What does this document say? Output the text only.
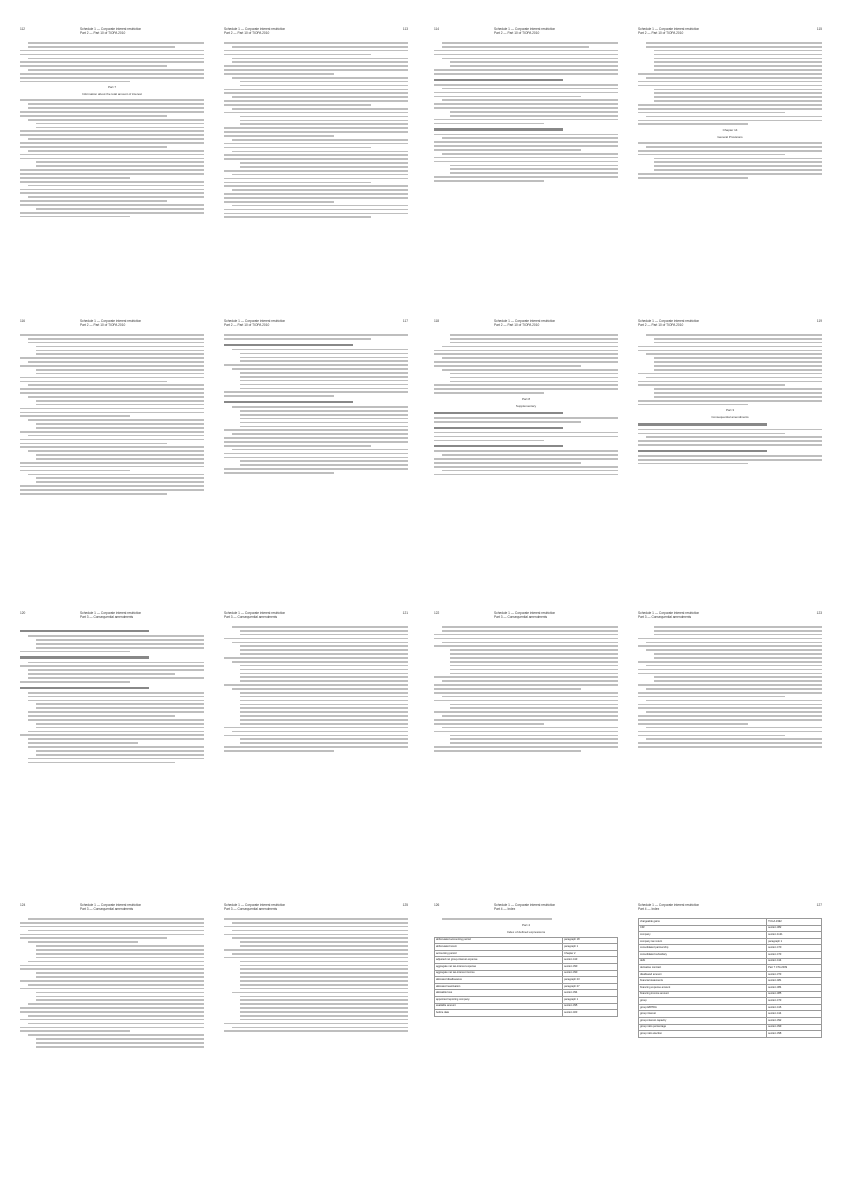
112	Schedule 1 — Corporate interest restriction
Part 2 — Part 10 of TIOPA 2010
Part 7
Information about the total amount of interest
113
Schedule 1 — Corporate interest restriction
Part 2 — Part 10 of TIOPA 2010
114	Schedule 1 — Corporate interest restriction
Part 2 — Part 10 of TIOPA 2010
115
Schedule 1 — Corporate interest restriction
Part 2 — Part 10 of TIOPA 2010
Chapter 14
General Provisions
116	Schedule 1 — Corporate interest restriction
Part 2 — Part 10 of TIOPA 2010
117
Schedule 1 — Corporate interest restriction
Part 2 — Part 10 of TIOPA 2010
118	Schedule 1 — Corporate interest restriction
Part 2 — Part 10 of TIOPA 2010
Part 8
Supplementary
119
Schedule 1 — Corporate interest restriction
Part 2 — Part 10 of TIOPA 2010
Part 3
Consequential amendments
120	Schedule 1 — Corporate interest restriction
Part 3 — Consequential amendments
121
Schedule 1 — Corporate interest restriction
Part 3 — Consequential amendments
122	Schedule 1 — Corporate interest restriction
Part 3 — Consequential amendments
123
Schedule 1 — Corporate interest restriction
Part 3 — Consequential amendments
124	Schedule 1 — Corporate interest restriction
Part 3 — Consequential amendments
125
Schedule 1 — Corporate interest restriction
Part 3 — Consequential amendments
126	Schedule 1 — Corporate interest restriction
Part 4 — Index
Part 4
Index of defined expressions
abbreviated accounting period	paragraph 18
abbreviated return	paragraph 1
accounting period	Chapter 2
adjusted net group-interest expense	section 413
aggregate net tax-interest expense	section 390
aggregate net tax-interest income	section 390
allocated disallowance	paragraph 23
allocated reactivation	paragraph 27
allowable loss	section 394
appointed reporting company	paragraph 1
available amount	section 395
before date	section 403
127
Schedule 1 — Corporate interest restriction
Part 4 — Index
chargeable gains	TCGA 1992
CIR	section 382
company	section 1121
company tax return	paragraph 1
consolidated partnership	section 470
consolidated subsidiary	section 473
debt	section 414
derivative contract	Part 7 CTA 2009
disallowed amount	section 373
financial statements	section 481
financing expense amount	section 384
financing income amount	section 385
group	section 473
group EBITDA	section 416
group interest	section 414
group-interest capacity	section 392
group ratio percentage	section 399
group ratio election	section 398
